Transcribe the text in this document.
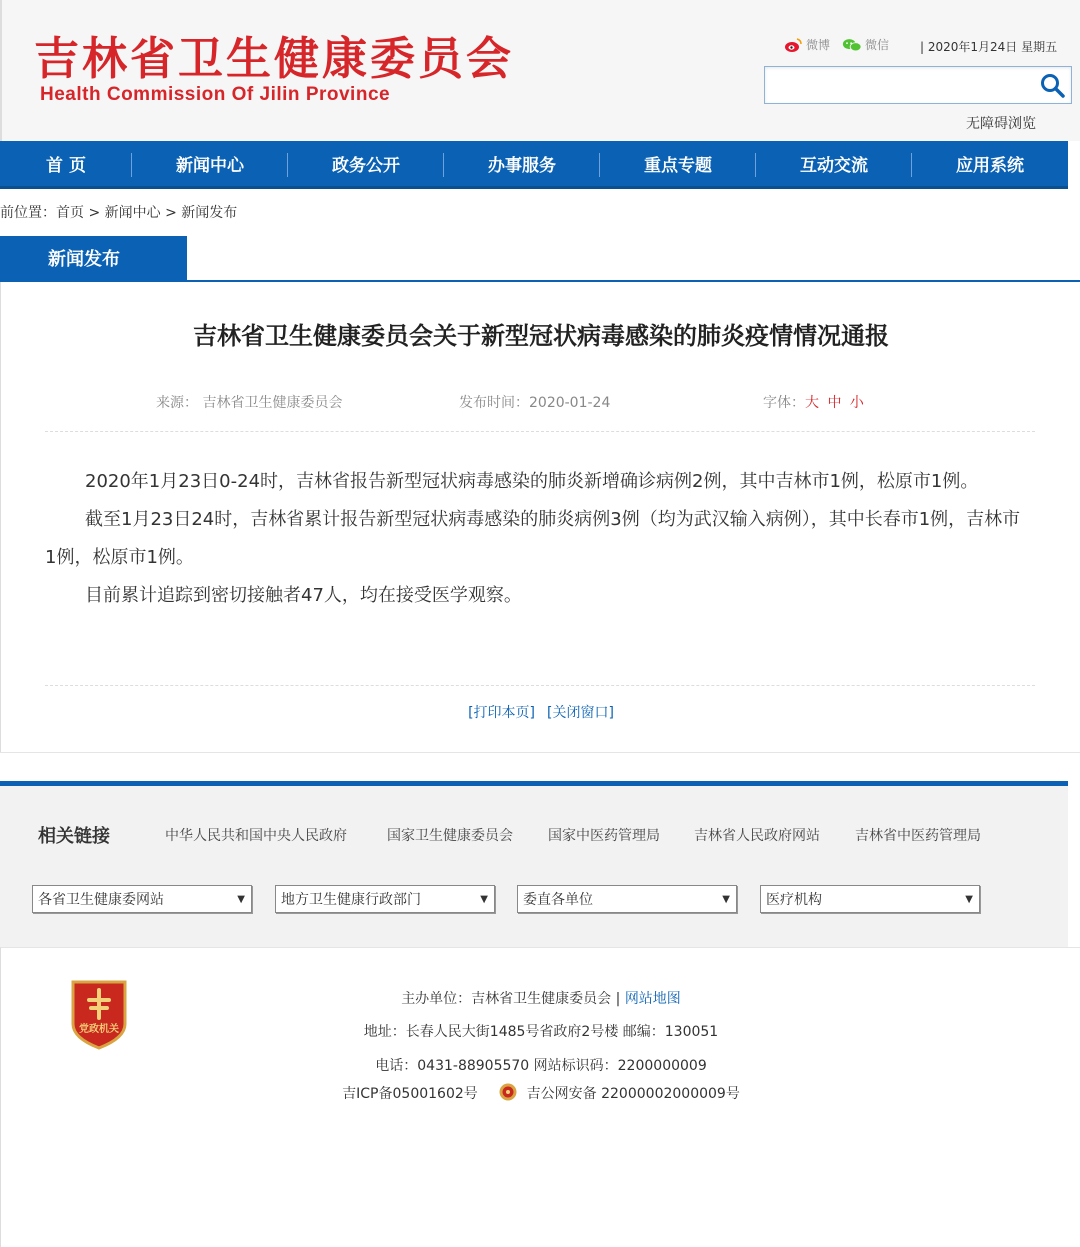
吉林省卫生健康委员会
Health Commission Of Jilin Province
微博	微信	| 2020年1月24日 星期五
无障碍浏览
首 页	新闻中心	政务公开	办事服务	重点专题	互动交流	应用系统
前位置：首页 > 新闻中心 > 新闻发布
新闻发布
吉林省卫生健康委员会关于新型冠状病毒感染的肺炎疫情情况通报
来源： 吉林省卫生健康委员会	发布时间：2020-01-24	字体：大 中 小

2020年1月23日0-24时，吉林省报告新型冠状病毒感染的肺炎新增确诊病例2例，其中吉林市1例，松原市1例。

截至1月23日24时，吉林省累计报告新型冠状病毒感染的肺炎病例3例（均为武汉输入病例），其中长春市1例，吉林市1例，松原市1例。

目前累计追踪到密切接触者47人，均在接受医学观察。

[打印本页] [关闭窗口]
相关链接	中华人民共和国中央人民政府	国家卫生健康委员会	国家中医药管理局 吉林省人民政府网站	吉林省中医药管理局
各省卫生健康委网站	▼	地方卫生健康行政部门	▼	委直各单位	▼	医疗机构	▼
党政机关
主办单位：吉林省卫生健康委员会 | 网站地图
地址：长春人民大街1485号省政府2号楼 邮编：130051
电话：0431-88905570 网站标识码：2200000009
吉ICP备05001602号	吉公网安备 22000002000009号
